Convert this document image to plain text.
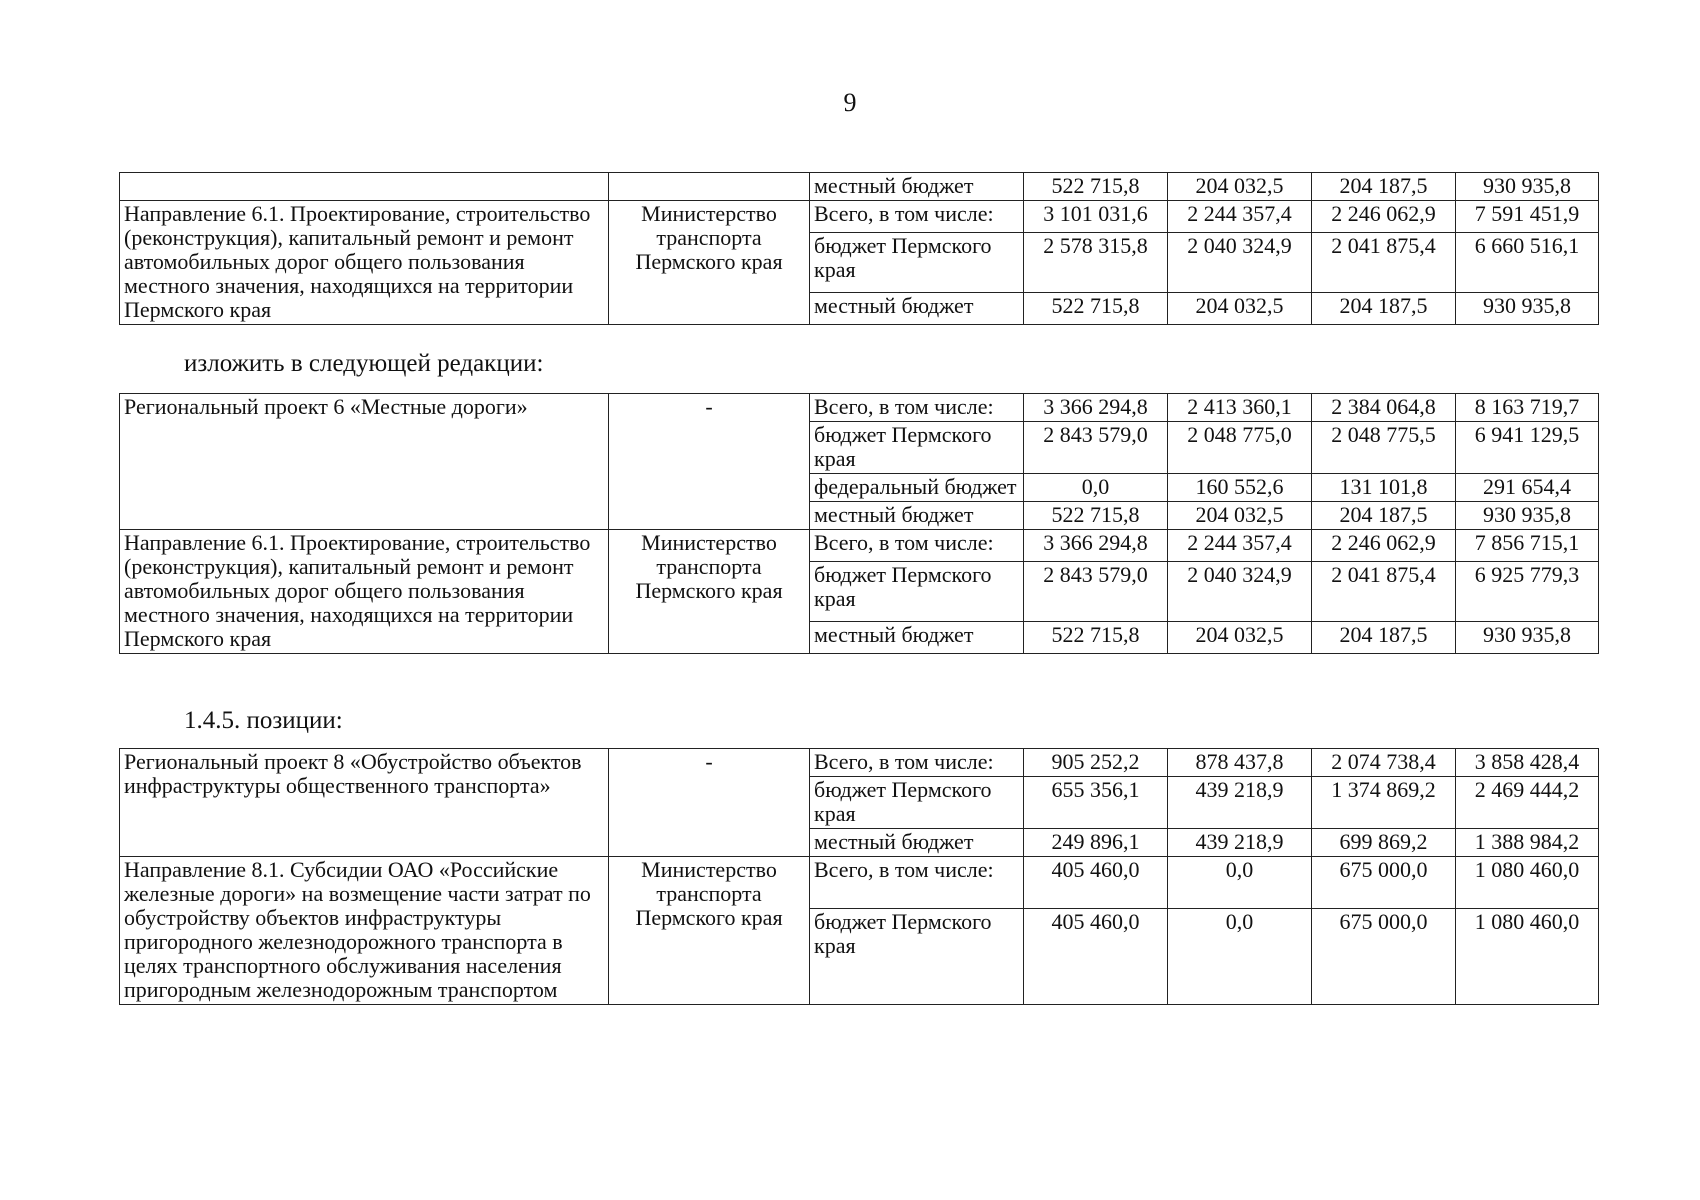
9
		местный бюджет	522 715,8	204 032,5	204 187,5	930 935,8
Направление 6.1. Проектирование, строительство (реконструкция), капитальный ремонт и ремонт автомобильных дорог общего пользования местного значения, находящихся на территории Пермского края	Министерство транспорта Пермского края	Всего, в том числе:	3 101 031,6	2 244 357,4	2 246 062,9	7 591 451,9
		бюджет Пермского края	2 578 315,8	2 040 324,9	2 041 875,4	6 660 516,1
		местный бюджет	522 715,8	204 032,5	204 187,5	930 935,8
изложить в следующей редакции:
Региональный проект 6 «Местные дороги»	-	Всего, в том числе:	3 366 294,8	2 413 360,1	2 384 064,8	8 163 719,7
		бюджет Пермского края	2 843 579,0	2 048 775,0	2 048 775,5	6 941 129,5
		федеральный бюджет	0,0	160 552,6	131 101,8	291 654,4
		местный бюджет	522 715,8	204 032,5	204 187,5	930 935,8
Направление 6.1. Проектирование, строительство (реконструкция), капитальный ремонт и ремонт автомобильных дорог общего пользования местного значения, находящихся на территории Пермского края	Министерство транспорта Пермского края	Всего, в том числе:	3 366 294,8	2 244 357,4	2 246 062,9	7 856 715,1
		бюджет Пермского края	2 843 579,0	2 040 324,9	2 041 875,4	6 925 779,3
		местный бюджет	522 715,8	204 032,5	204 187,5	930 935,8
1.4.5. позиции:
Региональный проект 8 «Обустройство объектов инфраструктуры общественного транспорта»	-	Всего, в том числе:	905 252,2	878 437,8	2 074 738,4	3 858 428,4
		бюджет Пермского края	655 356,1	439 218,9	1 374 869,2	2 469 444,2
		местный бюджет	249 896,1	439 218,9	699 869,2	1 388 984,2
Направление 8.1. Субсидии ОАО «Российские железные дороги» на возмещение части затрат по обустройству объектов инфраструктуры пригородного железнодорожного транспорта в целях транспортного обслуживания населения пригородным железнодорожным транспортом	Министерство транспорта Пермского края	Всего, в том числе:	405 460,0	0,0	675 000,0	1 080 460,0
		бюджет Пермского края	405 460,0	0,0	675 000,0	1 080 460,0
